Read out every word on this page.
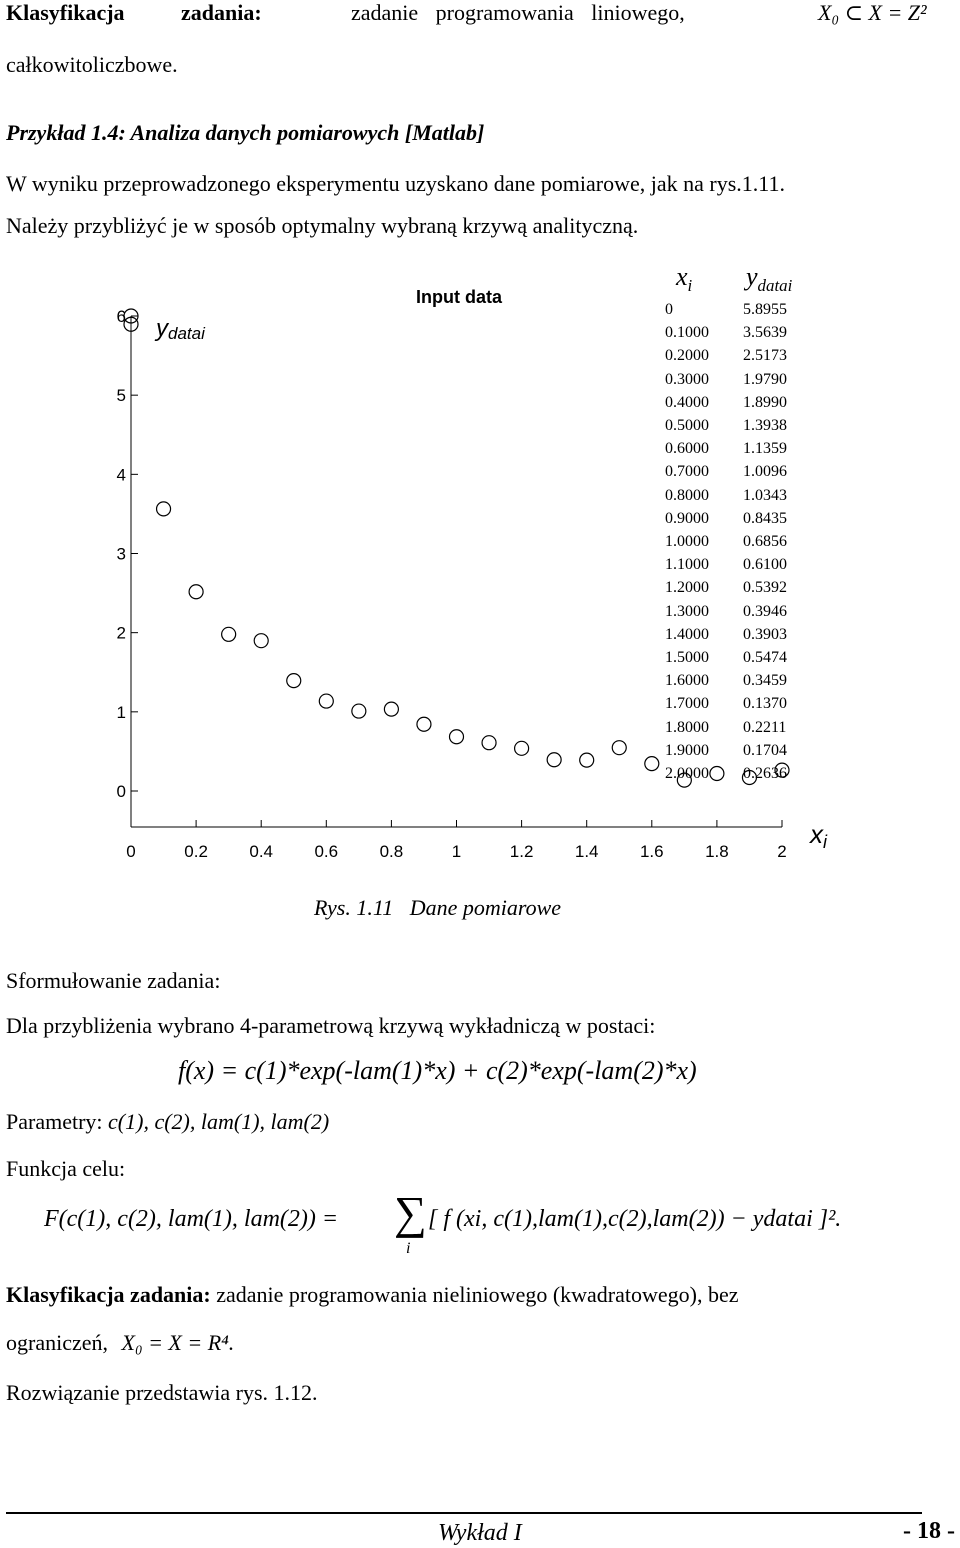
Klasyfikacja	zadania:	zadanie programowania liniowego,	X₀ ⊂ X = Z²
całkowitoliczbowe.
Przykład 1.4: Analiza danych pomiarowych [Matlab]
W wyniku przeprowadzonego eksperymentu uzyskano dane pomiarowe, jak na rys.1.11.
Należy przybliżyć je w sposób optymalny wybraną krzywą analityczną.
0
1
2
3
4
5
6
0	0.2 0.4 0.6 0.8	1	1.2 1.4 1.6 1.8	2
Input data
ydatai
xi
$x_i$ $y_{datai}$
0	5.8955
0.1000	3.5639
0.2000	2.5173
0.3000	1.9790
0.4000	1.8990
0.5000	1.3938
0.6000	1.1359
0.7000	1.0096
0.8000	1.0343
0.9000	0.8435
1.0000	0.6856
1.1000	0.6100
1.2000	0.5392
1.3000	0.3946
1.4000	0.3903
1.5000	0.5474
1.6000	0.3459
1.7000	0.1370
1.8000	0.2211
1.9000	0.1704
2.0000	0.2636
Rys. 1.11   Dane pomiarowe
Sformułowanie zadania:
Dla przybliżenia wybrano 4-parametrową krzywą wykładniczą w postaci:
f(x) = c(1)*exp(-lam(1)*x) + c(2)*exp(-lam(2)*x)
Parametry: c(1), c(2), lam(1), lam(2)
Funkcja celu:
F(c(1), c(2), lam(1), lam(2)) = ∑
i
[ f (xi, c(1),lam(1),c(2),lam(2)) − ydatai ]².
Klasyfikacja zadania: zadanie programowania nieliniowego (kwadratowego), bez
ograniczeń, X₀ = X = R⁴.
Rozwiązanie przedstawia rys. 1.12.
Wykład I	- 18 -
